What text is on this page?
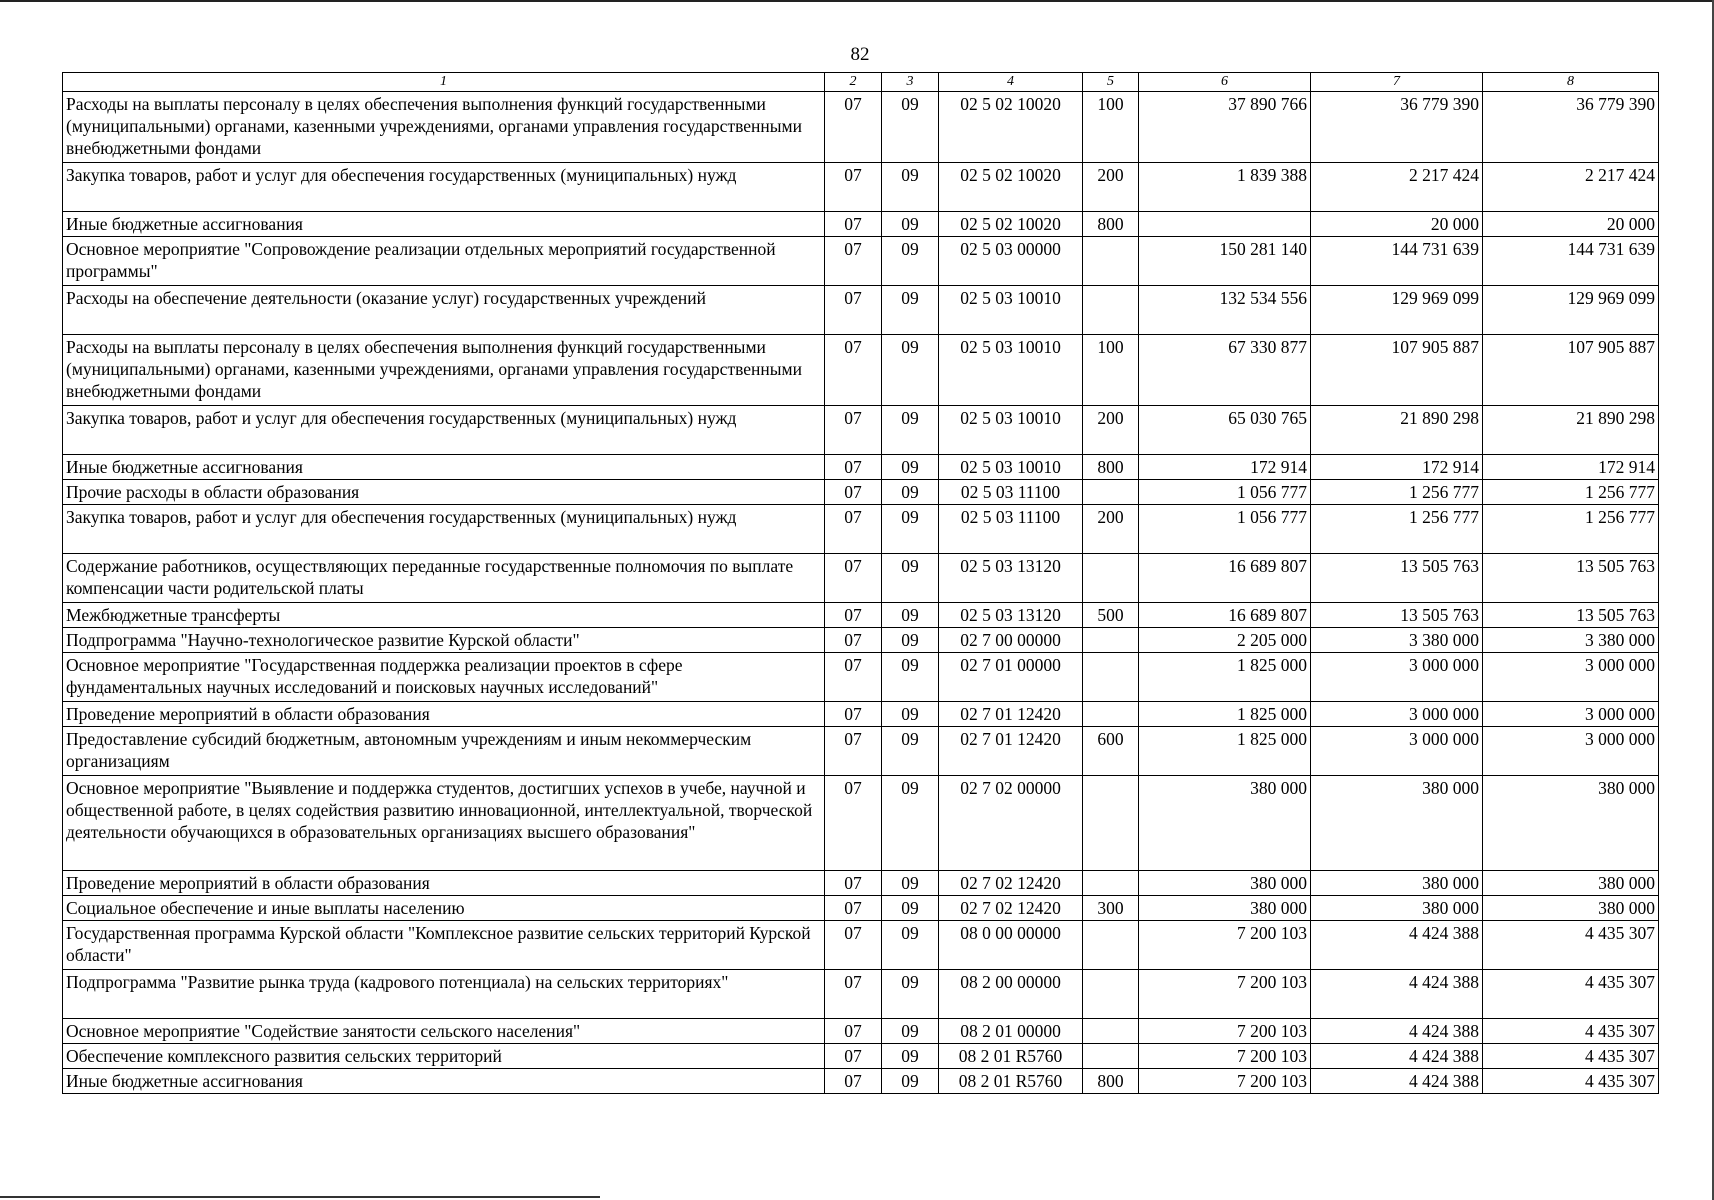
82
1	2	3	4	5	6	7	8
Расходы на выплаты персоналу в целях обеспечения выполнения функций государственными (муниципальными) органами, казенными учреждениями, органами управления государственными внебюджетными фондами	07	09	02 5 02 10020	100	37 890 766	36 779 390	36 779 390
Закупка товаров, работ и услуг для обеспечения государственных (муниципальных) нужд	07	09	02 5 02 10020	200	1 839 388	2 217 424	2 217 424
Иные бюджетные ассигнования	07	09	02 5 02 10020	800		20 000	20 000
Основное мероприятие "Сопровождение реализации отдельных мероприятий государственной программы"	07	09	02 5 03 00000		150 281 140	144 731 639	144 731 639
Расходы на обеспечение деятельности (оказание услуг) государственных учреждений	07	09	02 5 03 10010		132 534 556	129 969 099	129 969 099
Расходы на выплаты персоналу в целях обеспечения выполнения функций государственными (муниципальными) органами, казенными учреждениями, органами управления государственными внебюджетными фондами	07	09	02 5 03 10010	100	67 330 877	107 905 887	107 905 887
Закупка товаров, работ и услуг для обеспечения государственных (муниципальных) нужд	07	09	02 5 03 10010	200	65 030 765	21 890 298	21 890 298
Иные бюджетные ассигнования	07	09	02 5 03 10010	800	172 914	172 914	172 914
Прочие расходы в области образования	07	09	02 5 03 11100		1 056 777	1 256 777	1 256 777
Закупка товаров, работ и услуг для обеспечения государственных (муниципальных) нужд	07	09	02 5 03 11100	200	1 056 777	1 256 777	1 256 777
Содержание работников, осуществляющих переданные государственные полномочия по выплате компенсации части родительской платы	07	09	02 5 03 13120		16 689 807	13 505 763	13 505 763
Межбюджетные трансферты	07	09	02 5 03 13120	500	16 689 807	13 505 763	13 505 763
Подпрограмма "Научно-технологическое развитие Курской области"	07	09	02 7 00 00000		2 205 000	3 380 000	3 380 000
Основное мероприятие "Государственная поддержка реализации проектов в сфере фундаментальных научных исследований и поисковых научных исследований"	07	09	02 7 01 00000		1 825 000	3 000 000	3 000 000
Проведение мероприятий в области образования	07	09	02 7 01 12420		1 825 000	3 000 000	3 000 000
Предоставление субсидий бюджетным, автономным учреждениям и иным некоммерческим организациям	07	09	02 7 01 12420	600	1 825 000	3 000 000	3 000 000
Основное мероприятие "Выявление и поддержка студентов, достигших успехов в учебе, научной и общественной работе, в целях содействия развитию инновационной, интеллектуальной, творческой деятельности обучающихся в образовательных организациях высшего образования"	07	09	02 7 02 00000		380 000	380 000	380 000
Проведение мероприятий в области образования	07	09	02 7 02 12420		380 000	380 000	380 000
Социальное обеспечение и иные выплаты населению	07	09	02 7 02 12420	300	380 000	380 000	380 000
Государственная программа Курской области "Комплексное развитие сельских территорий Курской области"	07	09	08 0 00 00000		7 200 103	4 424 388	4 435 307
Подпрограмма "Развитие рынка труда (кадрового потенциала) на сельских территориях"	07	09	08 2 00 00000		7 200 103	4 424 388	4 435 307
Основное мероприятие "Содействие занятости сельского населения"	07	09	08 2 01 00000		7 200 103	4 424 388	4 435 307
Обеспечение комплексного развития сельских территорий	07	09	08 2 01 R5760		7 200 103	4 424 388	4 435 307
Иные бюджетные ассигнования	07	09	08 2 01 R5760	800	7 200 103	4 424 388	4 435 307
